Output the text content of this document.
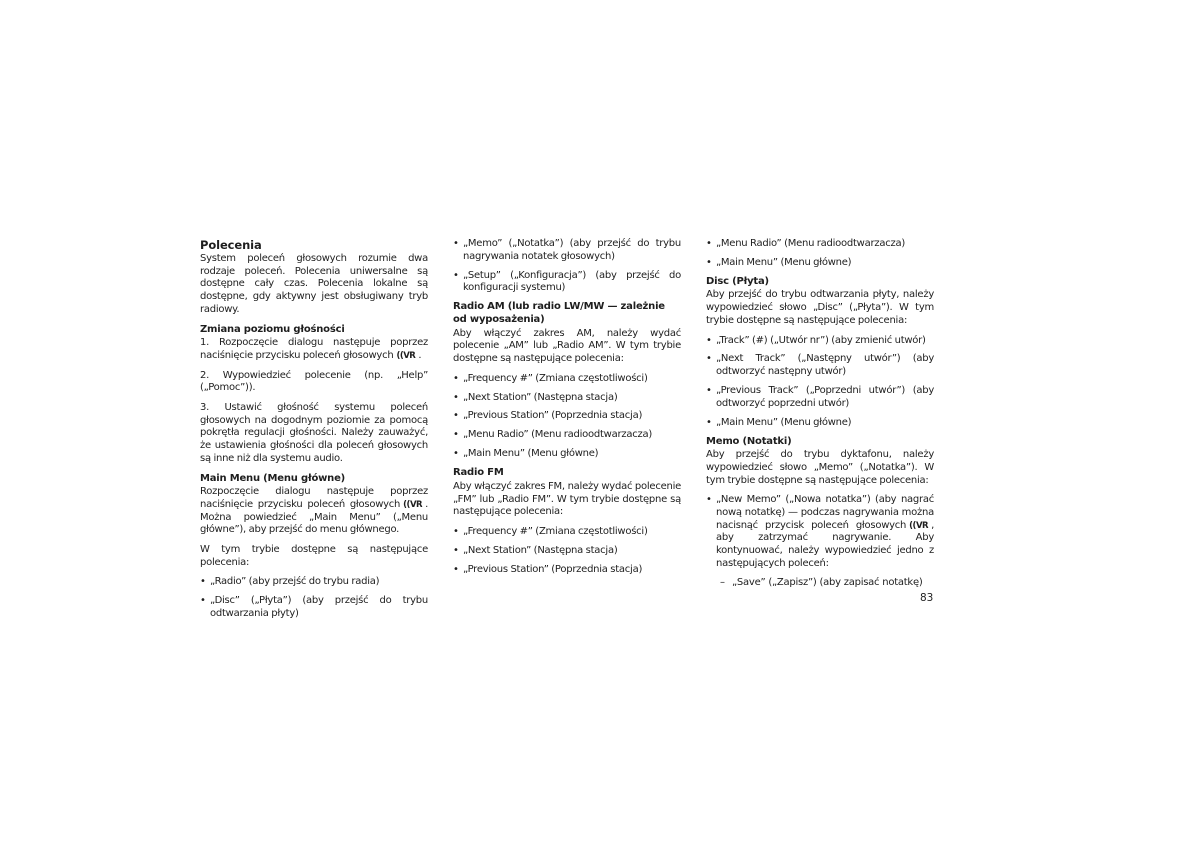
Polecenia

System poleceń głosowych rozumie dwa rodzaje poleceń. Polecenia uniwersalne są dostępne cały czas. Polecenia lokalne są dostępne, gdy aktywny jest obsługiwany tryb radiowy.

Zmiana poziomu głośności

1. Rozpoczęcie dialogu następuje poprzez naciśnięcie przycisku poleceń głosowych ((VR .

2. Wypowiedzieć polecenie (np. „Help” („Pomoc”)).

3. Ustawić głośność systemu poleceń głosowych na dogodnym poziomie za pomocą pokrętła regulacji głośności. Należy zauważyć, że ustawienia głośności dla poleceń głosowych są inne niż dla systemu audio.

Main Menu (Menu główne)

Rozpoczęcie dialogu następuje poprzez naciśnięcie przycisku poleceń głosowych ((VR . Można powiedzieć „Main Menu” („Menu główne”), aby przejść do menu głównego.

W tym trybie dostępne są następujące polecenia:

• „Radio” (aby przejść do trybu radia)
• „Disc” („Płyta”) (aby przejść do trybu odtwarzania płyty)
• „Memo” („Notatka”) (aby przejść do trybu nagrywania notatek głosowych)
• „Setup” („Konfiguracja”) (aby przejść do konfiguracji systemu)
Radio AM (lub radio LW/MW — zależnie od wyposażenia)

Aby włączyć zakres AM, należy wydać polecenie „AM” lub „Radio AM”. W tym trybie dostępne są następujące polecenia:

• „Frequency #” (Zmiana częstotliwości)
• „Next Station” (Następna stacja)
• „Previous Station” (Poprzednia stacja)
• „Menu Radio” (Menu radioodtwarzacza)
• „Main Menu” (Menu główne)
Radio FM

Aby włączyć zakres FM, należy wydać polecenie „FM” lub „Radio FM”. W tym trybie dostępne są następujące polecenia:

• „Frequency #” (Zmiana częstotliwości)
• „Next Station” (Następna stacja)
• „Previous Station” (Poprzednia stacja)
• „Menu Radio” (Menu radioodtwarzacza)
• „Main Menu” (Menu główne)
Disc (Płyta)

Aby przejść do trybu odtwarzania płyty, należy wypowiedzieć słowo „Disc” („Płyta”). W tym trybie dostępne są następujące polecenia:

• „Track” (#) („Utwór nr”) (aby zmienić utwór)
• „Next Track” („Następny utwór”) (aby odtworzyć następny utwór)
• „Previous Track” („Poprzedni utwór”) (aby odtworzyć poprzedni utwór)
• „Main Menu” (Menu główne)
Memo (Notatki)

Aby przejść do trybu dyktafonu, należy wypowiedzieć słowo „Memo” („Notatka”). W tym trybie dostępne są następujące polecenia:

• „New Memo” („Nowa notatka”) (aby nagrać nową notatkę) — podczas nagrywania można nacisnąć przycisk poleceń głosowych ((VR , aby zatrzymać nagrywanie. Aby kontynuować, należy wypowiedzieć jedno z następujących poleceń:
– „Save” („Zapisz”) (aby zapisać notatkę)
83
